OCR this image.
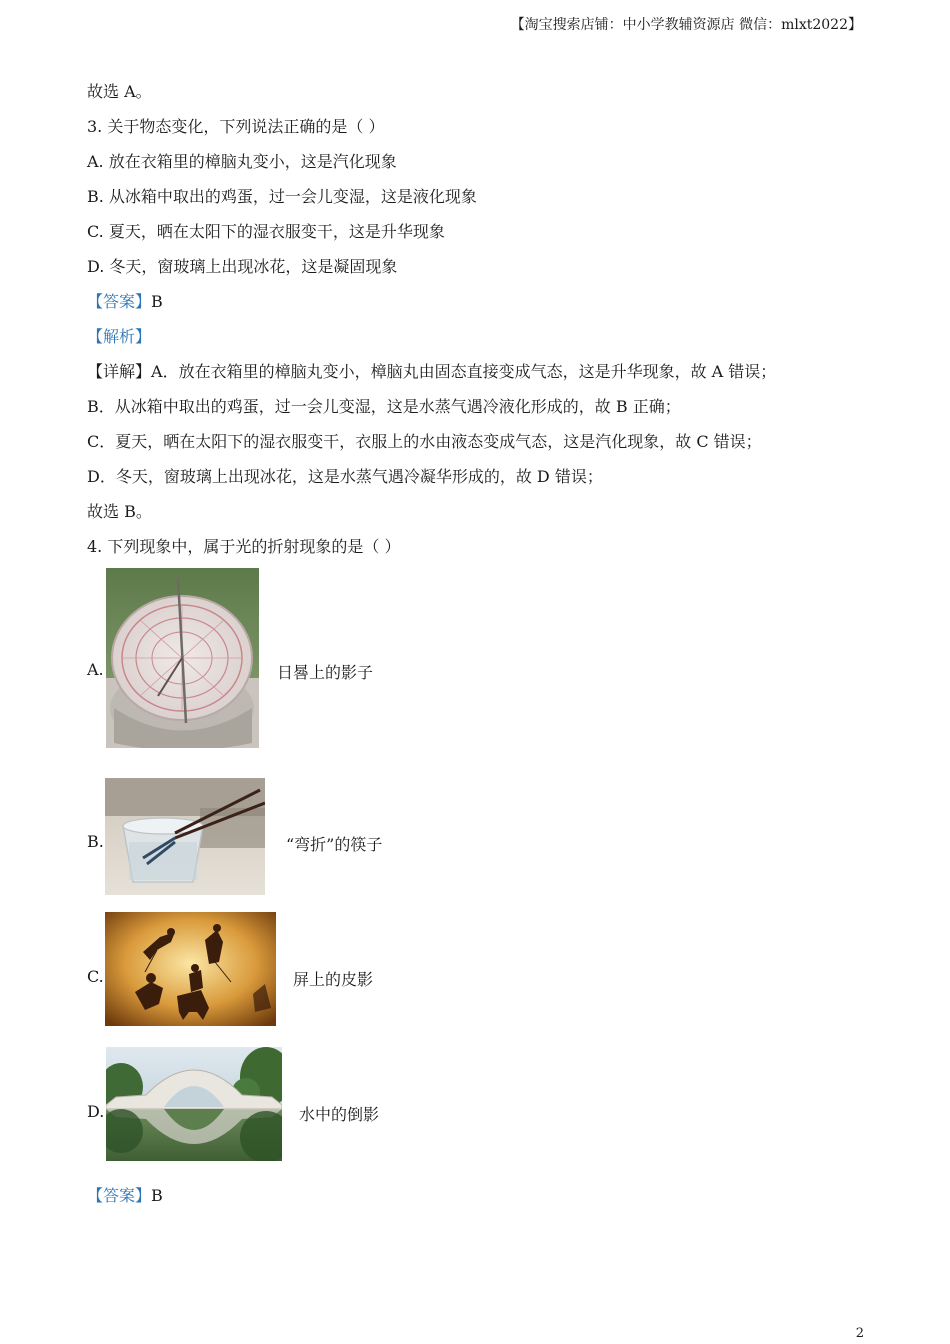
【淘宝搜索店铺：中小学教辅资源店 微信：mlxt2022】
故选 A。
3. 关于物态变化，下列说法正确的是（ ）
A. 放在衣箱里的樟脑丸变小，这是汽化现象
B. 从冰箱中取出的鸡蛋，过一会儿变湿，这是液化现象
C. 夏天，晒在太阳下的湿衣服变干，这是升华现象
D. 冬天，窗玻璃上出现冰花，这是凝固现象
【答案】B
【解析】
【详解】A．放在衣箱里的樟脑丸变小，樟脑丸由固态直接变成气态，这是升华现象，故 A 错误；
B．从冰箱中取出的鸡蛋，过一会儿变湿，这是水蒸气遇冷液化形成的，故 B 正确；
C．夏天，晒在太阳下的湿衣服变干，衣服上的水由液态变成气态，这是汽化现象，故 C 错误；
D．冬天，窗玻璃上出现冰花，这是水蒸气遇冷凝华形成的，故 D 错误；
故选 B。
4. 下列现象中，属于光的折射现象的是（ ）
A.	日晷上的影子
B.	“弯折”的筷子
C.	屏上的皮影
D.	水中的倒影
【答案】B
2
